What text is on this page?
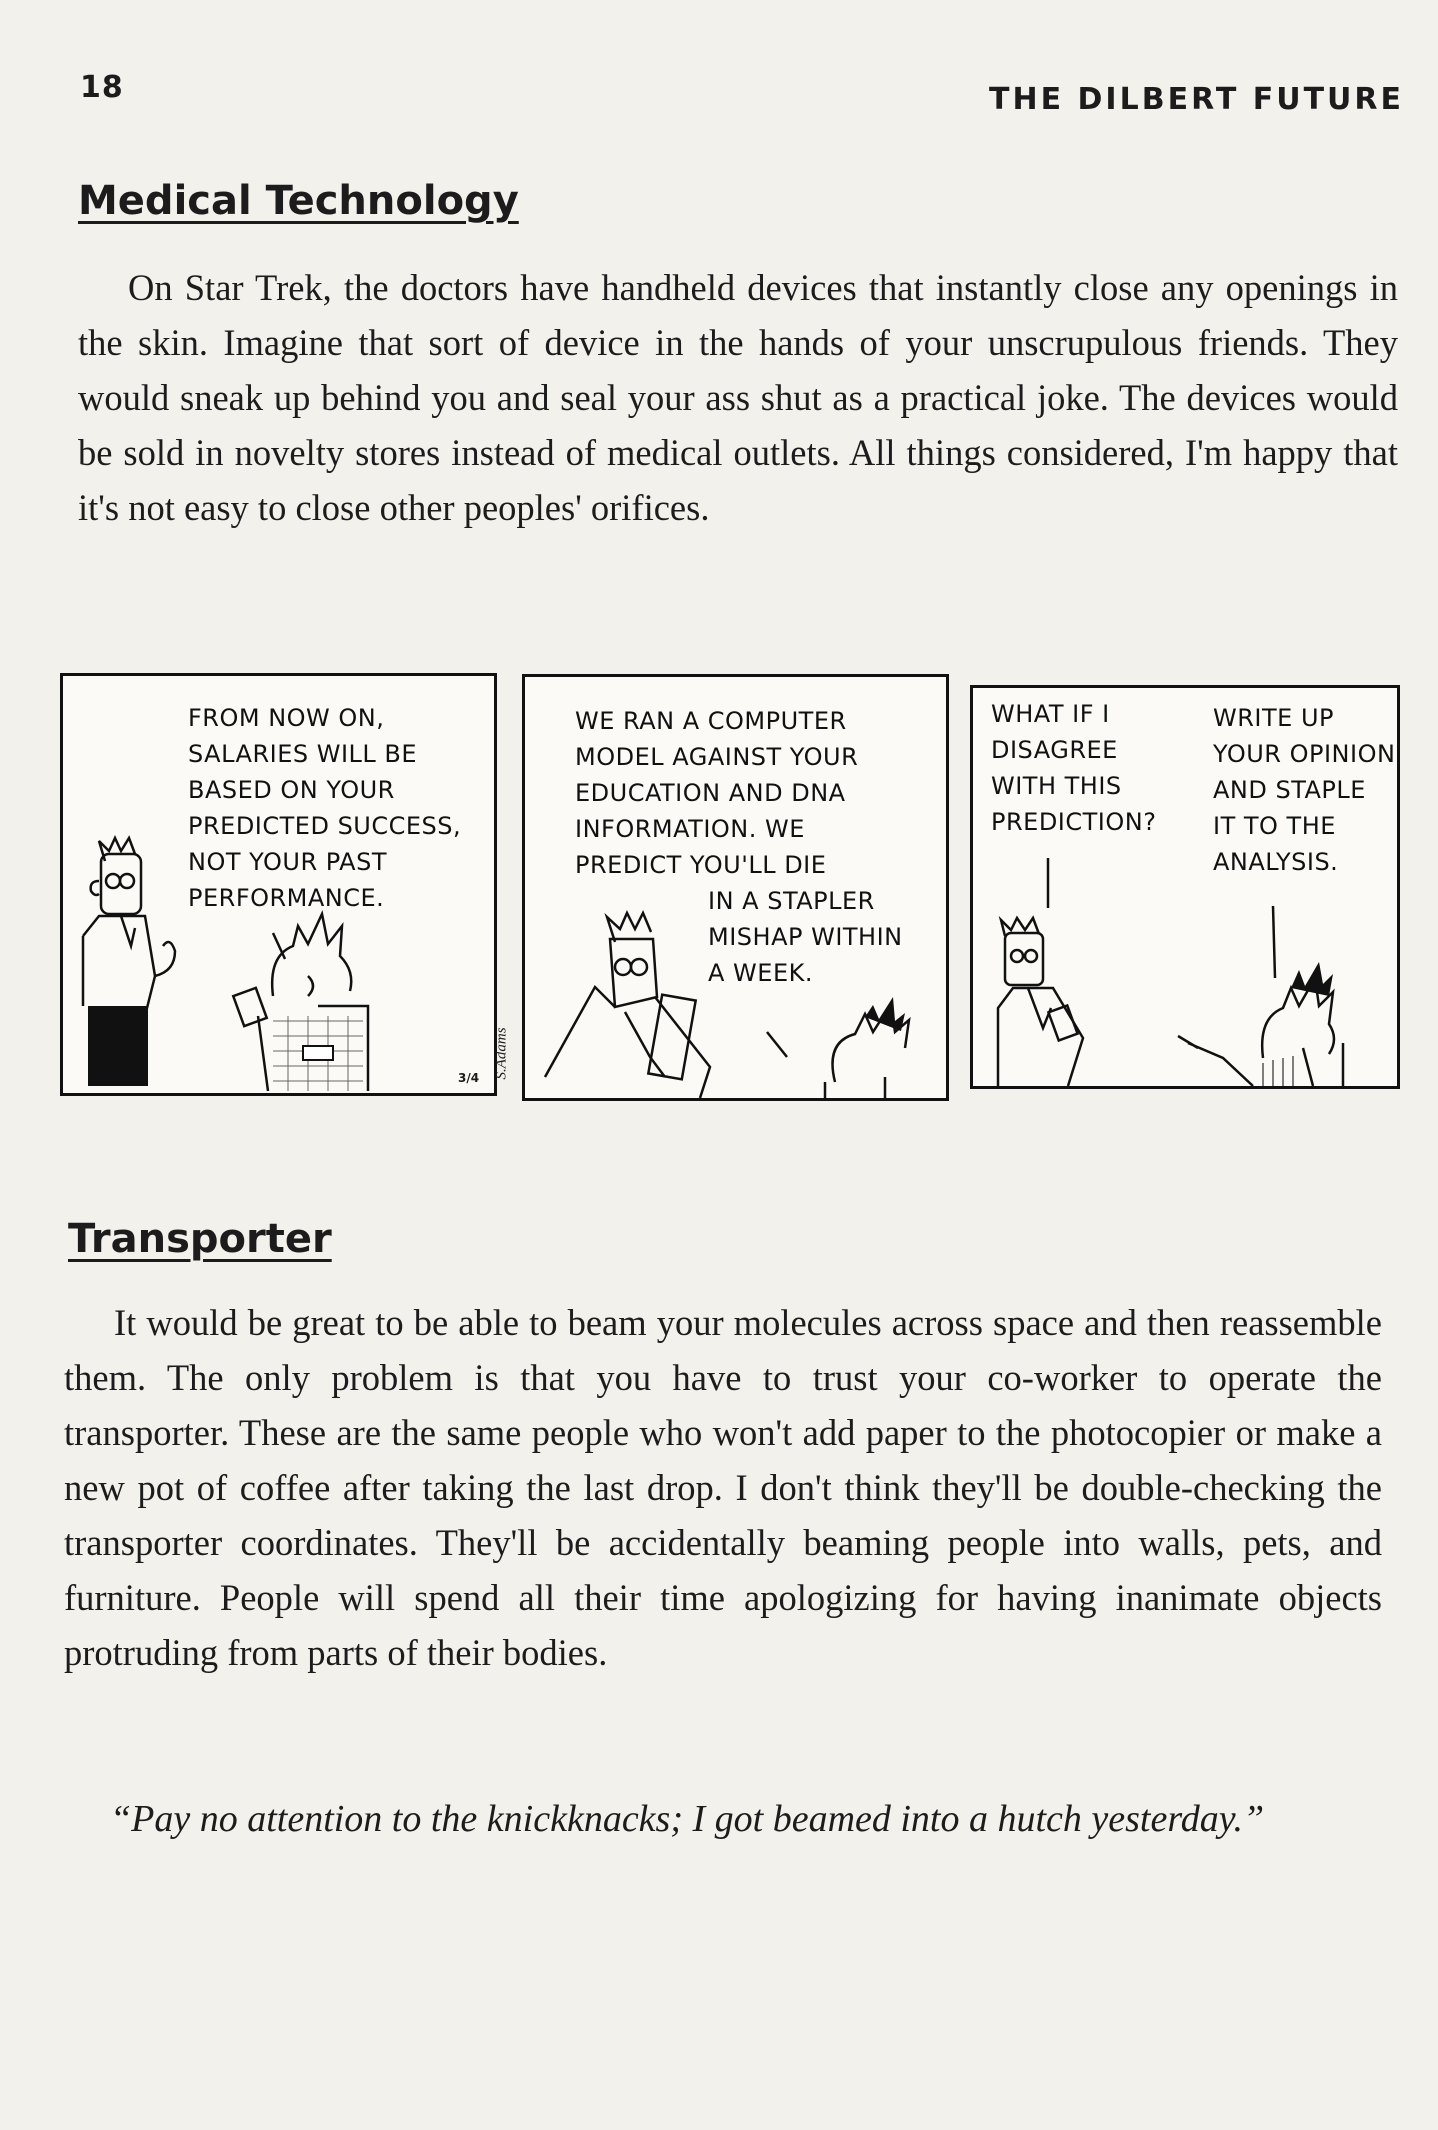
18	THE DILBERT FUTURE
Medical Technology

On Star Trek, the doctors have handheld devices that instantly close any openings in the skin. Imagine that sort of device in the hands of your unscrupulous friends. They would sneak up behind you and seal your ass shut as a practical joke. The devices would be sold in novelty stores instead of medical outlets. All things considered, I'm happy that it's not easy to close other peoples' orifices.

FROM NOW ON,
SALARIES WILL BE
BASED ON YOUR
PREDICTED SUCCESS,
NOT YOUR PAST
PERFORMANCE.
3/4 S.Adams
WE RAN A COMPUTER
MODEL AGAINST YOUR
EDUCATION AND DNA
INFORMATION. WE
PREDICT YOU'LL DIE
IN A STAPLER
MISHAP WITHIN
A WEEK.
WHAT IF I
DISAGREE
WITH THIS
PREDICTION?
WRITE UP
YOUR OPINION
AND STAPLE
IT TO THE
ANALYSIS.
Transporter

It would be great to be able to beam your molecules across space and then reassemble them. The only problem is that you have to trust your co-worker to operate the transporter. These are the same people who won't add paper to the photocopier or make a new pot of coffee after taking the last drop. I don't think they'll be double-checking the transporter coordinates. They'll be accidentally beaming people into walls, pets, and furniture. People will spend all their time apologizing for having inanimate objects protruding from parts of their bodies.

“Pay no attention to the knickknacks; I got beamed into a hutch yesterday.”
